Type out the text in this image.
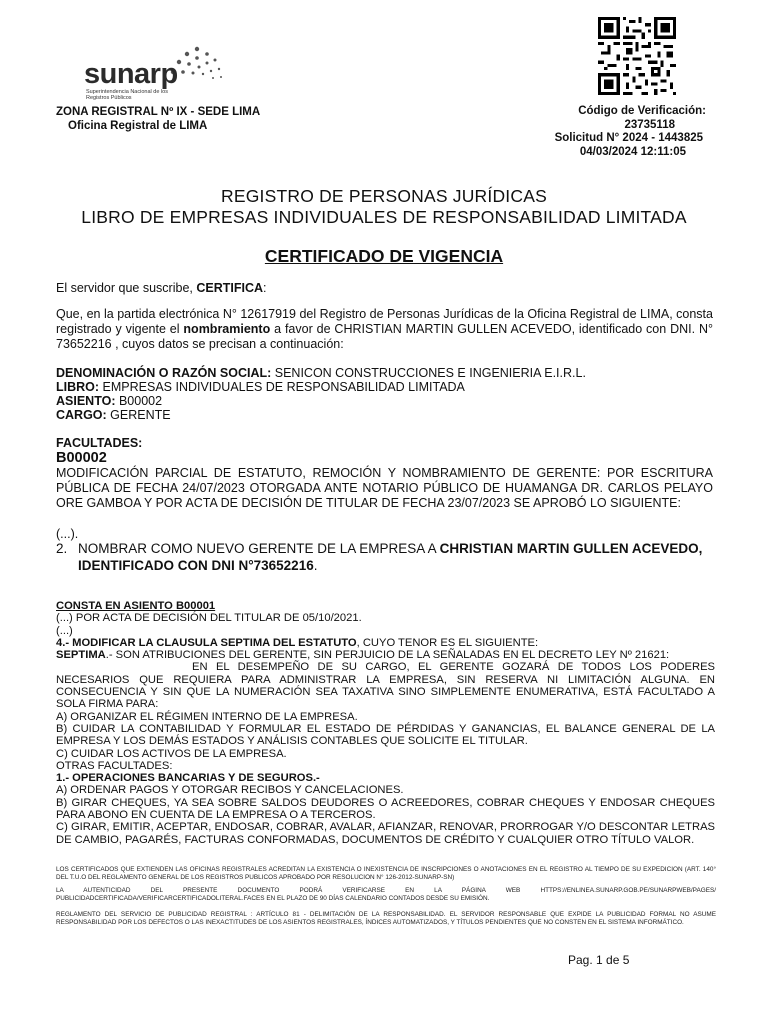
sunarp
Superintendencia Nacional de los Registros Públicos
ZONA REGISTRAL Nº IX - SEDE LIMA
Oficina Registral de LIMA
Código de Verificación:
23735118
Solicitud N° 2024 - 1443825
04/03/2024 12:11:05
REGISTRO DE PERSONAS JURÍDICAS
LIBRO DE EMPRESAS INDIVIDUALES DE RESPONSABILIDAD LIMITADA
CERTIFICADO DE VIGENCIA
El servidor que suscribe, CERTIFICA:
Que, en la partida electrónica N° 12617919 del Registro de Personas Jurídicas de la Oficina Registral de LIMA, consta registrado y vigente el nombramiento a favor de CHRISTIAN MARTIN GULLEN ACEVEDO, identificado con DNI. N° 73652216 , cuyos datos se precisan a continuación:
DENOMINACIÓN O RAZÓN SOCIAL: SENICON CONSTRUCCIONES E INGENIERIA E.I.R.L.
LIBRO: EMPRESAS INDIVIDUALES DE RESPONSABILIDAD LIMITADA
ASIENTO: B00002
CARGO: GERENTE
FACULTADES:
B00002
MODIFICACIÓN PARCIAL DE ESTATUTO, REMOCIÓN Y NOMBRAMIENTO DE GERENTE: POR ESCRITURA PÚBLICA DE FECHA 24/07/2023 OTORGADA ANTE NOTARIO PÚBLICO DE HUAMANGA DR. CARLOS PELAYO ORE GAMBOA Y POR ACTA DE DECISIÓN DE TITULAR DE FECHA 23/07/2023 SE APROBÓ LO SIGUIENTE:
(...).
2. NOMBRAR COMO NUEVO GERENTE DE LA EMPRESA A CHRISTIAN MARTIN GULLEN ACEVEDO,
IDENTIFICADO CON DNI N°73652216.

CONSTA EN ASIENTO B00001

(...) POR ACTA DE DECISIÓN DEL TITULAR DE 05/10/2021.

(...)

4.- MODIFICAR LA CLAUSULA SEPTIMA DEL ESTATUTO, CUYO TENOR ES EL SIGUIENTE:

SEPTIMA.- SON ATRIBUCIONES DEL GERENTE, SIN PERJUICIO DE LA SEÑALADAS EN EL DECRETO LEY Nº 21621:

EN EL DESEMPEÑO DE SU CARGO, EL GERENTE GOZARÁ DE TODOS LOS PODERES NECESARIOS QUE REQUIERA PARA ADMINISTRAR LA EMPRESA, SIN RESERVA NI LIMITACIÓN ALGUNA. EN CONSECUENCIA Y SIN QUE LA NUMERACIÓN SEA TAXATIVA SINO SIMPLEMENTE ENUMERATIVA, ESTÁ FACULTADO A SOLA FIRMA PARA:

A) ORGANIZAR EL RÉGIMEN INTERNO DE LA EMPRESA.

B) CUIDAR LA CONTABILIDAD Y FORMULAR EL ESTADO DE PÉRDIDAS Y GANANCIAS, EL BALANCE GENERAL DE LA EMPRESA Y LOS DEMÁS ESTADOS Y ANÁLISIS CONTABLES QUE SOLICITE EL TITULAR.

C) CUIDAR LOS ACTIVOS DE LA EMPRESA.

OTRAS FACULTADES:

1.- OPERACIONES BANCARIAS Y DE SEGUROS.-

A) ORDENAR PAGOS Y OTORGAR RECIBOS Y CANCELACIONES.

B) GIRAR CHEQUES, YA SEA SOBRE SALDOS DEUDORES O ACREEDORES, COBRAR CHEQUES Y ENDOSAR CHEQUES PARA ABONO EN CUENTA DE LA EMPRESA O A TERCEROS.

C) GIRAR, EMITIR, ACEPTAR, ENDOSAR, COBRAR, AVALAR, AFIANZAR, RENOVAR, PRORROGAR Y/O DESCONTAR LETRAS DE CAMBIO, PAGARÉS, FACTURAS CONFORMADAS, DOCUMENTOS DE CRÉDITO Y CUALQUIER OTRO TÍTULO VALOR.

LOS CERTIFICADOS QUE EXTIENDEN LAS OFICINAS REGISTRALES ACREDITAN LA EXISTENCIA O INEXISTENCIA DE INSCRIPCIONES O ANOTACIONES EN EL REGISTRO AL TIEMPO DE SU EXPEDICION (ART. 140° DEL T.U.O DEL REGLAMENTO GENERAL DE LOS REGISTROS PUBLICOS APROBADO POR RESOLUCION N° 126-2012-SUNARP-SN)
LA AUTENTICIDAD DEL PRESENTE DOCUMENTO PODRÁ VERIFICARSE EN LA PÁGINA WEB HTTPS://ENLINEA.SUNARP.GOB.PE/SUNARPWEB/PAGES/ PUBLICIDADCERTIFICADA/VERIFICARCERTIFICADOLITERAL.FACES EN EL PLAZO DE 90 DÍAS CALENDARIO CONTADOS DESDE SU EMISIÓN.
REGLAMENTO DEL SERVICIO DE PUBLICIDAD REGISTRAL : ARTÍCULO 81 - DELIMITACIÓN DE LA RESPONSABILIDAD. EL SERVIDOR RESPONSABLE QUE EXPIDE LA PUBLICIDAD FORMAL NO ASUME RESPONSABILIDAD POR LOS DEFECTOS O LAS INEXACTITUDES DE LOS ASIENTOS REGISTRALES, ÍNDICES AUTOMATIZADOS, Y TÍTULOS PENDIENTES QUE NO CONSTEN EN EL SISTEMA INFORMÁTICO.
Pag. 1 de 5
